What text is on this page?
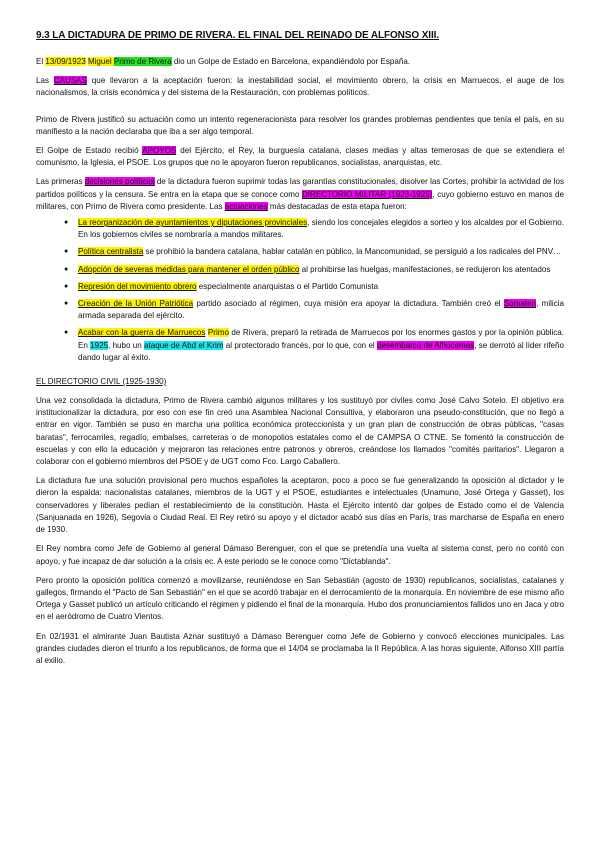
9.3 LA DICTADURA DE PRIMO DE RIVERA. EL FINAL DEL REINADO DE ALFONSO XIII.

El 13/09/1923 Miguel Primo de Rivera dio un Golpe de Estado en Barcelona, expandiéndolo por España.

Las CAUSAS que llevaron a la aceptación fueron: la inestabilidad social, el movimiento obrero, la crisis en Marruecos, el auge de los nacionalismos, la crisis económica y del sistema de la Restauración, con problemas políticos.

Primo de Rivera justificó su actuación como un intento regeneracionista para resolver los grandes problemas pendientes que tenía el país, en su manifiesto a la nación declaraba que iba a ser algo temporal.

El Golpe de Estado recibió APOYOS del Ejército, el Rey, la burguesía catalana, clases medias y altas temerosas de que se extendiera el comunismo, la Iglesia, el PSOE. Los grupos que no le apoyaron fueron republicanos, socialistas, anarquistas, etc.

Las primeras decisiones políticas de la dictadura fueron suprimir todas las garantías constitucionales, disolver las Cortes, prohibir la actividad de los partidos políticos y la censura. Se entra en la etapa que se conoce como DIRECTORIO MILITAR (1923-1925), cuyo gobierno estuvo en manos de militares, con Primo de Rivera como presidente. Las actuaciones más destacadas de esta etapa fueron:

● La reorganización de ayuntamientos y diputaciones provinciales, siendo los concejales elegidos a sorteo y los alcaldes por el Gobierno. En los gobiernos civiles se nombraría a mandos militares.
● Política centralista se prohibió la bandera catalana, hablar catalán en público, la Mancomunidad, se persiguió a los radicales del PNV…
● Adopción de severas medidas para mantener el orden público al prohibirse las huelgas, manifestaciones, se redujeron los atentados
● Represión del movimiento obrero especialmente anarquistas o el Partido Comunista
● Creación de la Unión Patriótica partido asociado al régimen, cuya misión era apoyar la dictadura. También creó el Somaten, milicia armada separada del ejército.
● Acabar con la guerra de Marruecos Primo de Rivera, preparó la retirada de Marruecos por los enormes gastos y por la opinión pública. En 1925, hubo un ataque de Abd el Krim al protectorado francés, por lo que, con el desembarco de Alhucemas, se derrotó al líder rifeño dando lugar al éxito.
EL DIRECTORIO CIVIL (1925-1930)

Una vez consolidada la dictadura, Primo de Rivera cambió algunos militares y los sustituyó por civiles como José Calvo Sotelo. El objetivo era institucionalizar la dictadura, por eso con ese fin creó una Asamblea Nacional Consultiva, y elaboraron una pseudo-constitución, que no llegó a entrar en vigor. También se puso en marcha una política económica proteccionista y un gran plan de construcción de obras públicas, "casas baratas", ferrocarriles, regadío, embalses, carreteras o de monopolios estatales como el de CAMPSA O CTNE. Se fomentó la construcción de escuelas y con ello la educación y mejoraron las relaciones entre patronos y obreros, creándose los llamados "comités paritarios". Llegaron a colaborar con el gobierno miembros del PSOE y de UGT como Fco. Largo Caballero.

La dictadura fue una solución provisional pero muchos españoles la aceptaron, poco a poco se fue generalizando la oposición al dictador y le dieron la espalda: nacionalistas catalanes, miembros de la UGT y el PSOE, estudiantes e intelectuales (Unamuno, José Ortega y Gasset), los conservadores y liberales pedían el restablecimiento de la constitución. Hasta el Ejército intentó dar golpes de Estado como el de Valencia (Sanjuanada en 1926), Segovia o Ciudad Real. El Rey retiró su apoyo y el dictador acabó sus días en París, tras marcharse de España en enero de 1930.

El Rey nombra como Jefe de Gobierno al general Dámaso Berenguer, con el que se pretendía una vuelta al sistema const, pero no contó con apoyo, y fue incapaz de dar solución a la crisis ec. A este periodo se le conoce como "Dictablanda".

Pero pronto la oposición política comenzó a movilizarse, reuniéndose en San Sebastián (agosto de 1930) republicanos, socialistas, catalanes y gallegos, firmando el "Pacto de San Sebastián" en el que se acordó trabajar en el derrocamiento de la monarquía. En noviembre de ese mismo año Ortega y Gasset publicó un artículo criticando el régimen y pidiendo el final de la monarquía. Hubo dos pronunciamientos fallidos uno en Jaca y otro en el aeródromo de Cuatro Vientos.

En 02/1931 el almirante Juan Bautista Aznar sustituyó a Dámaso Berenguer como Jefe de Gobierno y convocó elecciones municipales. Las grandes ciudades dieron el triunfo a los republicanos, de forma que el 14/04 se proclamaba la II República. A las horas siguiente, Alfonso XIII partía al exilio.
